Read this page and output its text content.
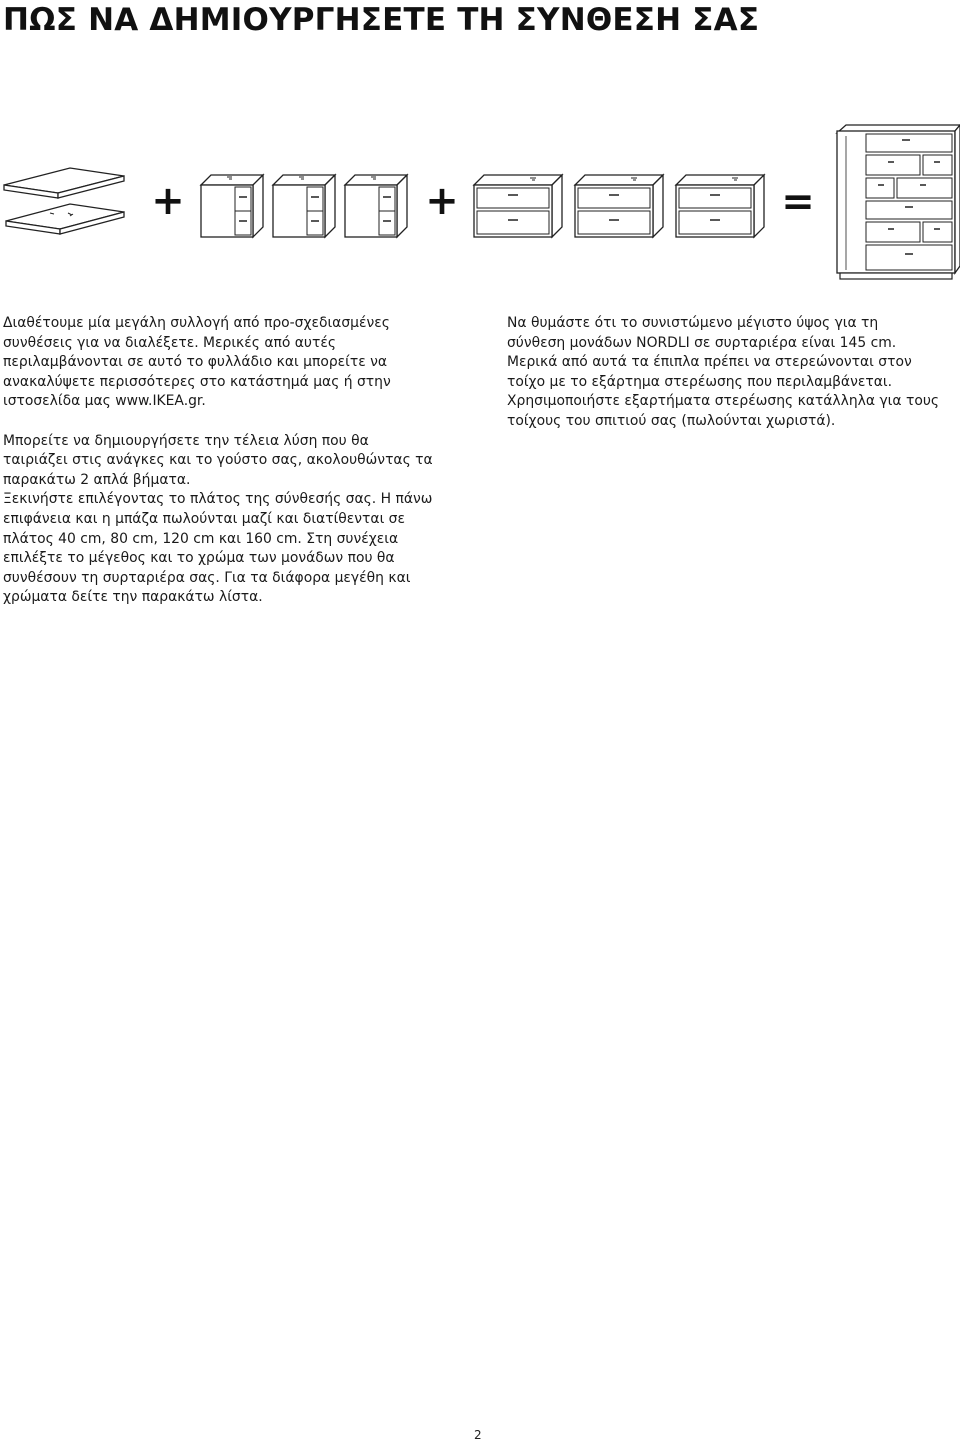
ΠΩΣ ΝΑ ΔΗΜΙΟΥΡΓΗΣΕΤΕ ΤΗ ΣΥΝΘΕΣΗ ΣΑΣ
+	+	=

Διαθέτουμε μία μεγάλη συλλογή από προ-σχεδιασμένες

συνθέσεις για να διαλέξετε. Μερικές από αυτές

περιλαμβάνονται σε αυτό το φυλλάδιο και μπορείτε να

ανακαλύψετε περισσότερες στο κατάστημά μας ή στην

ιστοσελίδα μας www.IKEA.gr.

Μπορείτε να δημιουργήσετε την τέλεια λύση που θα

ταιριάζει στις ανάγκες και το γούστο σας, ακολουθώντας τα

παρακάτω 2 απλά βήματα.

Ξεκινήστε επιλέγοντας το πλάτος της σύνθεσής σας. Η πάνω

επιφάνεια και η μπάζα πωλούνται μαζί και διατίθενται σε

πλάτος 40 cm, 80 cm, 120 cm και 160 cm. Στη συνέχεια

επιλέξτε το μέγεθος και το χρώμα των μονάδων που θα

συνθέσουν τη συρταριέρα σας. Για τα διάφορα μεγέθη και

χρώματα δείτε την παρακάτω λίστα.

Να θυμάστε ότι το συνιστώμενο μέγιστο ύψος για τη

σύνθεση μονάδων NORDLI σε συρταριέρα είναι 145 cm.

Μερικά από αυτά τα έπιπλα πρέπει να στερεώνονται στον

τοίχο με το εξάρτημα στερέωσης που περιλαμβάνεται.

Χρησιμοποιήστε εξαρτήματα στερέωσης κατάλληλα για τους

τοίχους του σπιτιού σας (πωλούνται χωριστά).

2
